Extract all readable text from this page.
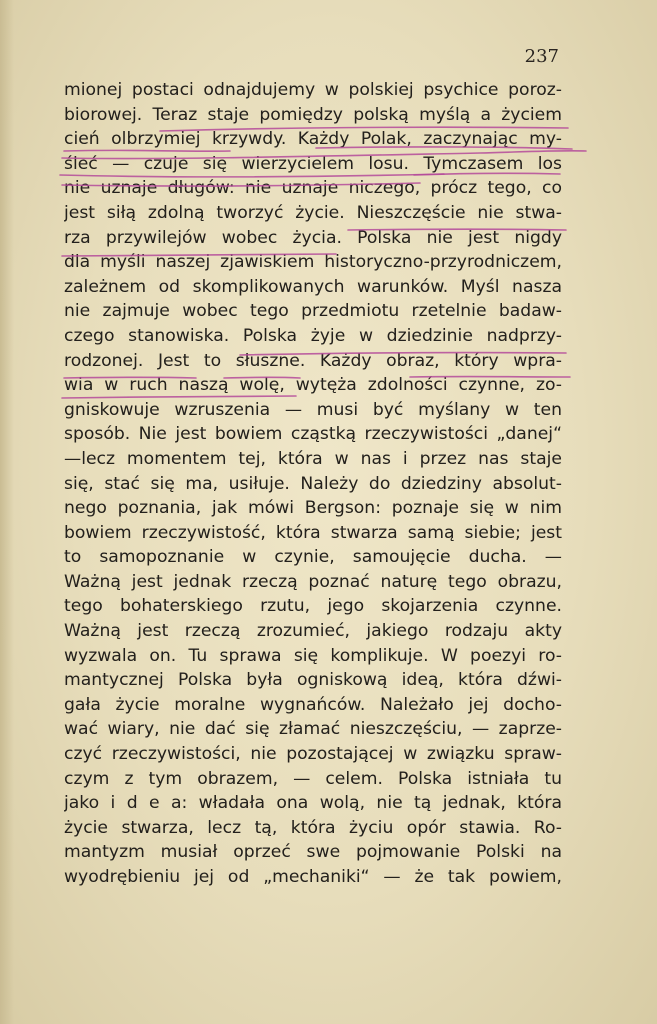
237
mionej postaci odnajdujemy w polskiej psychice poroz-
biorowej. Teraz staje pomiędzy polską myślą a życiem
cień olbrzymiej krzywdy. Każdy Polak, zaczynając my-
śleć — czuje się wierzycielem losu. Tymczasem los
nie uznaje długów: nie uznaje niczego, prócz tego, co
jest siłą zdolną tworzyć życie. Nieszczęście nie stwa-
rza przywilejów wobec życia. Polska nie jest nigdy
dla myśli naszej zjawiskiem historyczno-przyrodniczem,
zależnem od skomplikowanych warunków. Myśl nasza
nie zajmuje wobec tego przedmiotu rzetelnie badaw-
czego stanowiska. Polska żyje w dziedzinie nadprzy-
rodzonej. Jest to słuszne. Każdy obraz, który wpra-
wia w ruch naszą wolę, wytęża zdolności czynne, zo-
gniskowuje wzruszenia — musi być myślany w ten
sposób. Nie jest bowiem cząstką rzeczywistości „danej“
—lecz momentem tej, która w nas i przez nas staje
się, stać się ma, usiłuje. Należy do dziedziny absolut-
nego poznania, jak mówi Bergson: poznaje się w nim
bowiem rzeczywistość, która stwarza samą siebie; jest
to samopoznanie w czynie, samoujęcie ducha. —
Ważną jest jednak rzeczą poznać naturę tego obrazu,
tego bohaterskiego rzutu, jego skojarzenia czynne.
Ważną jest rzeczą zrozumieć, jakiego rodzaju akty
wyzwala on. Tu sprawa się komplikuje. W poezyi ro-
mantycznej Polska była ogniskową ideą, która dźwi-
gała życie moralne wygnańców. Należało jej docho-
wać wiary, nie dać się złamać nieszczęściu, — zaprze-
czyć rzeczywistości, nie pozostającej w związku spraw-
czym z tym obrazem, — celem. Polska istniała tu
jako i d e a: władała ona wolą, nie tą jednak, która
życie stwarza, lecz tą, która życiu opór stawia. Ro-
mantyzm musiał oprzeć swe pojmowanie Polski na
wyodrębieniu jej od „mechaniki“ — że tak powiem,
